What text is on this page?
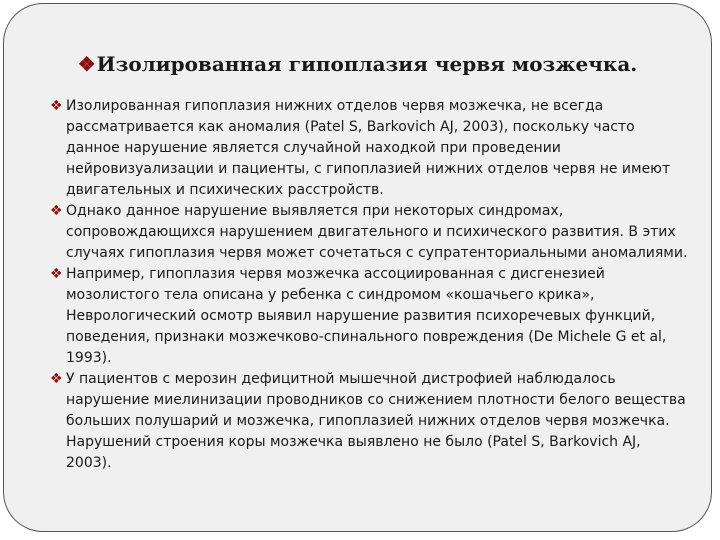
❖Изолированная гипоплазия червя мозжечка.
❖ Изолированная гипоплазия нижних отделов червя мозжечка, не всегда рассматривается как аномалия (Patel S, Barkovich AJ, 2003), поскольку часто данное нарушение является случайной находкой при проведении нейровизуализации и пациенты, с гипоплазией нижних отделов червя не имеют двигательных и психических расстройств.
❖ Однако данное нарушение выявляется при некоторых синдромах, сопровождающихся нарушением двигательного и психического развития. В этих случаях гипоплазия червя может сочетаться с супратенториальными аномалиями.
❖ Например, гипоплазия червя мозжечка ассоциированная с дисгенезией мозолистого тела описана у ребенка с синдромом «кошачьего крика», Неврологический осмотр выявил нарушение развития психоречевых функций, поведения, признаки мозжечково-спинального повреждения (De Michele G et al, 1993).
❖ У пациентов с мерозин дефицитной мышечной дистрофией наблюдалось нарушение миелинизации проводников со снижением плотности белого вещества больших полушарий и мозжечка, гипоплазией нижних отделов червя мозжечка. Нарушений строения коры мозжечка выявлено не было (Patel S, Barkovich AJ, 2003).
